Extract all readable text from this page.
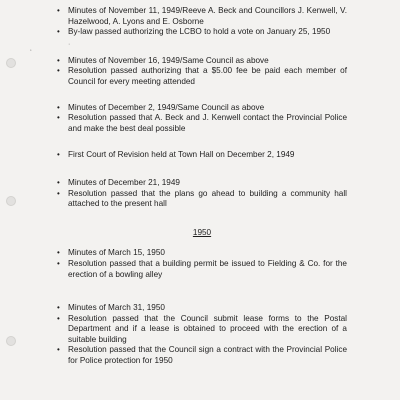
ʻ
·
• Minutes of November 11, 1949/Reeve A. Beck and Councillors J. Kenwell, V. Hazelwood, A. Lyons and E. Osborne
• By-law passed authorizing the LCBO to hold a vote on January 25, 1950
• Minutes of November 16, 1949/Same Council as above
• Resolution passed authorizing that a $5.00 fee be paid each member of Council for every meeting attended
• Minutes of December 2, 1949/Same Council as above
• Resolution passed that A. Beck and J. Kenwell contact the Provincial Police and make the best deal possible
• First Court of Revision held at Town Hall on December 2, 1949
• Minutes of December 21, 1949
• Resolution passed that the plans go ahead to building a community hall attached to the present hall
1950
• Minutes of March 15, 1950
• Resolution passed that a building permit be issued to Fielding & Co. for the erection of a bowling alley
• Minutes of March 31, 1950
• Resolution passed that the Council submit lease forms to the Postal Department and if a lease is obtained to proceed with the erection of a suitable building
• Resolution passed that the Council sign a contract with the Provincial Police for Police protection for 1950
